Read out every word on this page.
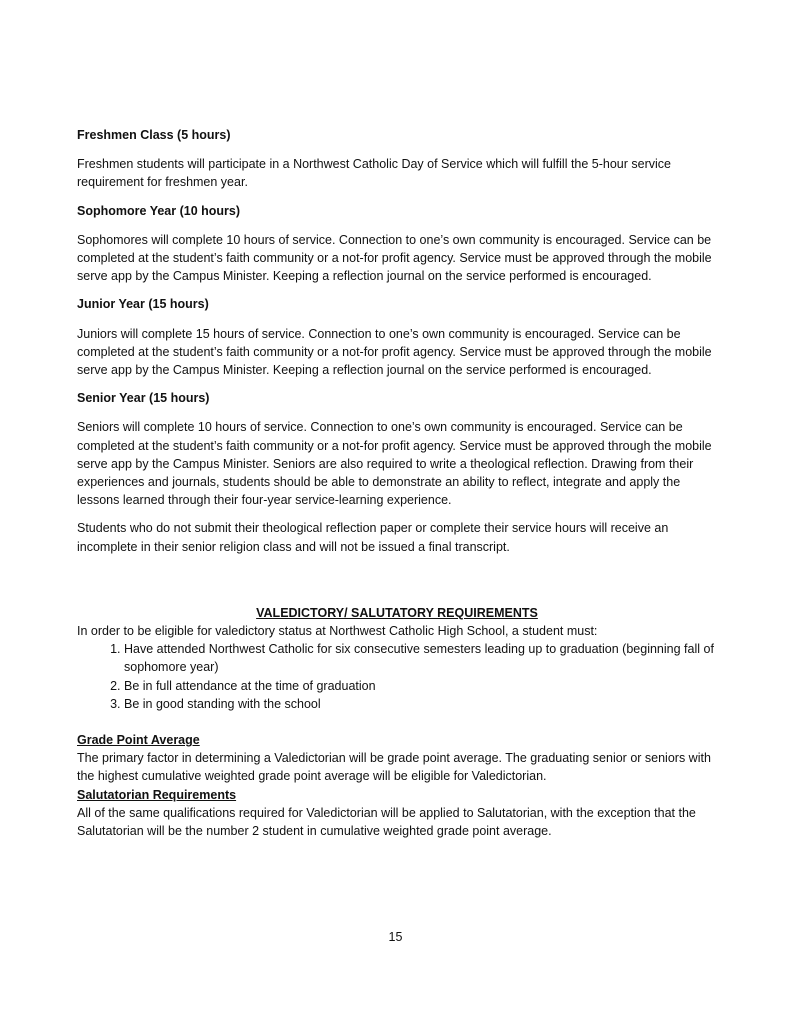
Freshmen Class (5 hours)

Freshmen students will participate in a Northwest Catholic Day of Service which will fulfill the 5-hour service requirement for freshmen year.

Sophomore Year (10 hours)

Sophomores will complete 10 hours of service. Connection to one’s own community is encouraged. Service can be completed at the student’s faith community or a not-for profit agency. Service must be approved through the mobile serve app by the Campus Minister. Keeping a reflection journal on the service performed is encouraged.

Junior Year (15 hours)

Juniors will complete 15 hours of service. Connection to one’s own community is encouraged. Service can be completed at the student’s faith community or a not-for profit agency. Service must be approved through the mobile serve app by the Campus Minister. Keeping a reflection journal on the service performed is encouraged.

Senior Year (15 hours)

Seniors will complete 10 hours of service. Connection to one’s own community is encouraged. Service can be completed at the student’s faith community or a not-for profit agency. Service must be approved through the mobile serve app by the Campus Minister. Seniors are also required to write a theological reflection. Drawing from their experiences and journals, students should be able to demonstrate an ability to reflect, integrate and apply the lessons learned through their four-year service-learning experience.

Students who do not submit their theological reflection paper or complete their service hours will receive an incomplete in their senior religion class and will not be issued a final transcript.

VALEDICTORY/ SALUTATORY REQUIREMENTS

In order to be eligible for valedictory status at Northwest Catholic High School, a student must:

1. Have attended Northwest Catholic for six consecutive semesters leading up to graduation (beginning fall of sophomore year)
2. Be in full attendance at the time of graduation
3. Be in good standing with the school

Grade Point Average

The primary factor in determining a Valedictorian will be grade point average. The graduating senior or seniors with the highest cumulative weighted grade point average will be eligible for Valedictorian.

Salutatorian Requirements

All of the same qualifications required for Valedictorian will be applied to Salutatorian, with the exception that the Salutatorian will be the number 2 student in cumulative weighted grade point average.

15
